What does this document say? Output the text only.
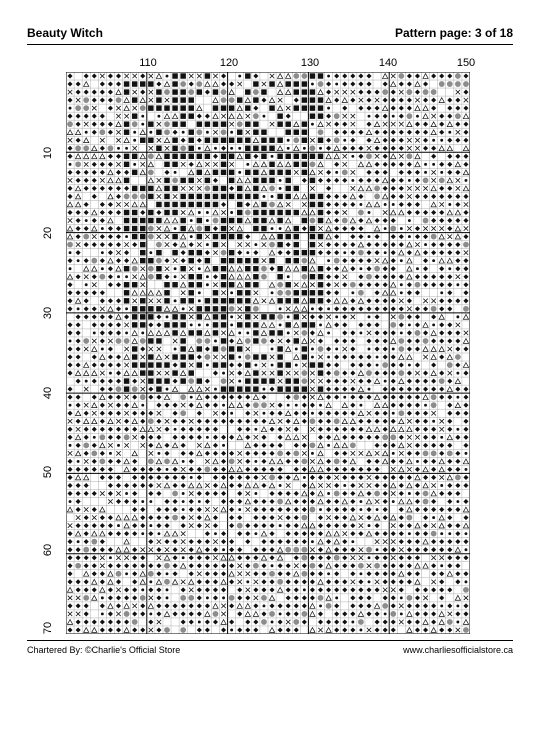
Beauty Witch	Pattern page: 3 of 18
110	120	130	140	150
10
20
30
40
50
60
70
Chartered By: ©Charlie's Official Store	www.charliesofficialstore.ca
